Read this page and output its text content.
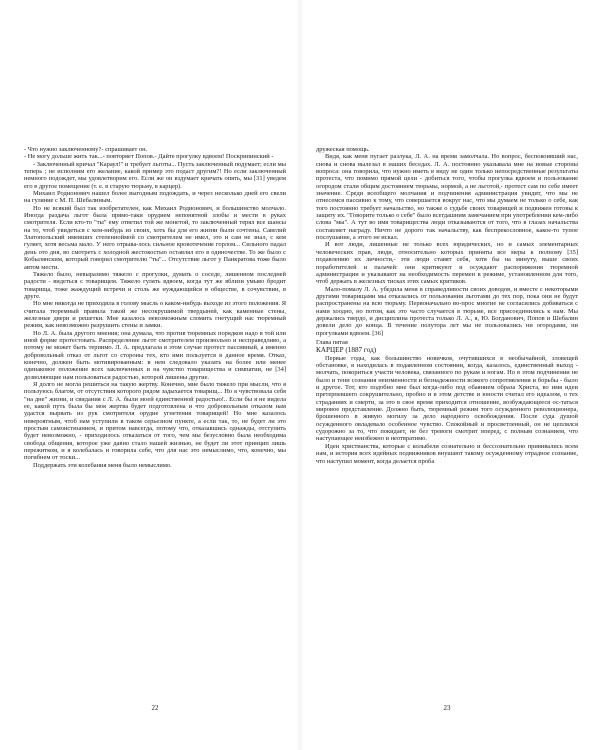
- Что нужно заключенному?- спрашивает он.

- Не могу дольше жить так...- повторяет Попов.- Дайте прогулку вдвоем! Поскрипинский -

- Заключенный кричал "Караул!" и требует льготы... Пусть заключенный подумает; если мы теперь ; не исполним его желание, какой пример это подаст другим?! Но если заключенный немного подождет, мы удовлетворим его. Если же он вздумает кричать опять, мы [31] уведем его в другое помещение (т. е. в старую тюрьму, в карцер).

Михаил Родионович нашел более выгодным подождать, и через несколько дней его свели на гуляние с М. П. Шебалиным.

Но не всякий был так изобретателен, как Михаил Родионович, и большинство молчало. Иногда раздача льгот была прямо-таки орудием непонятной злобы и мести в руках смотрителя. Если кто-то "ты" ему ответил той же монетой, то заключенный терял все шансы на то, чтоб увидеться с кем-нибудь из своих, хоть бы для его жизни были сочтены. Савелий Златопольский имевших степенноймой со смотрителем не имел, это и сам не знал, с кем гуляет, хотя весьма мало. У него отрыва-лось сильное кровотечение горлом... Сильного падал день ото дня, во смотреть с холодной жестокостью оставлял его в одиночестве. То же было с Кобылянским, который говорил смотрителю "ты"... Отсутствие льгот у Панкратова тоже было автом мести.

Тяжело было, невыразимо тяжело с прогулки, думать о соседе, лишенном последней радости - видеться с товарищем. Тяжело гулять вдвоем, когда тут же вблизи умыво бродит товарища, тоже жаждущий встречи и столь же нуждающийся в обществе, в сочувствии, в друге.

Но мне никогда не приходила в голову мысль о каком-нибудь выходе из этого положения. Я считала тюремный правила такой же несокрушимой твердыней, как каменные стены, железные двери и решетки. Мне казалось невозможным сломить гнетущий нас тюремный режим, как невозможно разрушить стены и замки.

Но Л. А. была другого мнения; она думала, что против тюремных порядков надо в той или иной форме протестовать. Распределение льгот смотрителем произвольно и несправедливо, а потому не может быть терпимо. Л. А. предлагала в этом случае протест пассивный, а именно добровольный отказ от льгот со стороны тех, кто ими пользуется в данное время. Отказ, конечно, должен быть мотивированным: в нем следовало указать на более или менее одинаковое положение всех заключенных и на чувство товарищества и симпатии, не [34] дозволяющие нам пользоваться радостью, которой лишены другие.

Я долго не могла решиться на такую жертву. Конечно, мне было тяжело при мысли, что я пользуюсь благом, от отсутствия которого рядом задыхается товарищ... Но я чувствовала себя "на дне" жизни, и свидания с Л. А. были моей единственной радостью!.. Если бы я не видела ее, какой путь была бы моя жертва будет подготовлена и что добровольным отказом нам удастся вырвать из рук смотрителя орудие угнетения товарищей! Но мне казалось невероятным, чтоб нам уступили в таком серьезном пункте, а если так, то, не будет ли это простым самоистязанием, и притом навсегда, потому что, отказавшись однажды, отступить будет невозможно, - приходилось отказаться от того, чем мы безусловно была необходима свобода общения, которое уже давно стало нашей жизнью, не будет ли этот принцип лишь пережитком, и я колебалась и говорила себе, что для нас это немыслимо, что, конечно, мы погибнем от тоски...

Поддержать эти колебания меня было немыслимо.

22

дружеская помощь.

Видя, как меня пугает разлука, Л. А. на время замолчала. Но вопрос, беспокоивший нас, снова и снова вылезал в наших беседах. Л. А. постоянно указывала мне на новые стороны вопроса: она говорила, что нужно иметь в виду не один только непосредственные результаты протеста, что помимо прямой цели - добиться того, чтобы прогулка вдвоем и пользование огородом стали общим достоянием тюрьмы, нормой, а не льготой,- протест сам по себе имеет значение. Среди всеобщего молчания и подчинения администрация увидит, что мы не отнесемся пассивно к тому, что совершается вокруг нас, что мы думаем не только о себе, как того постоянно требует начальство, но также о судьбе своих товарищей и подвижен готовы к защиту их. "Говорите только о себе" было всегдашним замечанием при употреблении кем-либо слова "мы". А тут во имя товарищества люди отказываются от того, что в глазах начальства составляет награду. Ничто не дорого так начальству, как беспрекословное, какое-то тупое послушание, а этого не искал.

И вот люди, лишенные не только всех юридических, но и самых элементарных человеческих прав, люди, относительно которых приняты все меры к полному [35] подавлению их личности,- эти люди ставят себя, хотя бы на минуту, выше своих поработителей и палачей: они критикуют и осуждают распоряжения тюремной администрации и указывают на необходимость перемен в режиме, установленном для того, чтоб держать в железных тисках этих самых критиков.

Мало-помалу Л. А. убедила меня в справедливости своих доводов, и вместе с некоторыми другими товарищами мы отказались от пользования льготами до тех пор, пока они не будут распространены на всю тюрьму. Первоначально во-прос многие не согласились добиваться с нами хоодно, но потом, как это часто случается в тюрьме, все присоединились к нам. Мы держались твердо, и дисциплина протеста только Л. А., я, Ю. Богданович, Попов и Шебалин довели дело до конца. В течение полутора лет мы не пользовались ни огородами, ни прогулками вдвоем. [36]

Глава пятая
КАРЦЕР (1887 год)

Первые годы, как большинство новичков, очутившихся в необычайной, зловещей обстановке, я находилась в подавленном состоянии, когда, казалось, единственный выход - молчать, покориться участи человека, связанного по рукам и ногам. Но в этом подчинении не было и тени сознания неизменности и безнадежности всякого сопротивления и борьбы - было и другое. Тот, кто подобно мне был когда-либо под обаянием образа Христа, во имя идеи претерпевшего сокрушительно, пробно и в этом детстве и юности считал его идеалом, о тех страданиях и смерти, за это в свое время приходится отношение, возбуждающееся ос-таться мировое представление. Должно быть, тюремный режим того осужденного революционера, брошенного в живую могилу за дело народного освобождения. После суда душой осужденного овладевало особенное чувство. Спокойный и просветленный, он не цеплялся судорожно за то, что покидает, не без тревоги смотрит вперед, с полным сознанием, что наступающее неизбежно и неотвратимо.

Идеи христианства, которые с колыбели сознательно и бессознательно прививались всем нам, и история всех идейных подвижников внушают такому осужденному отрадное сознание, что наступил момент, когда делается проба

23
